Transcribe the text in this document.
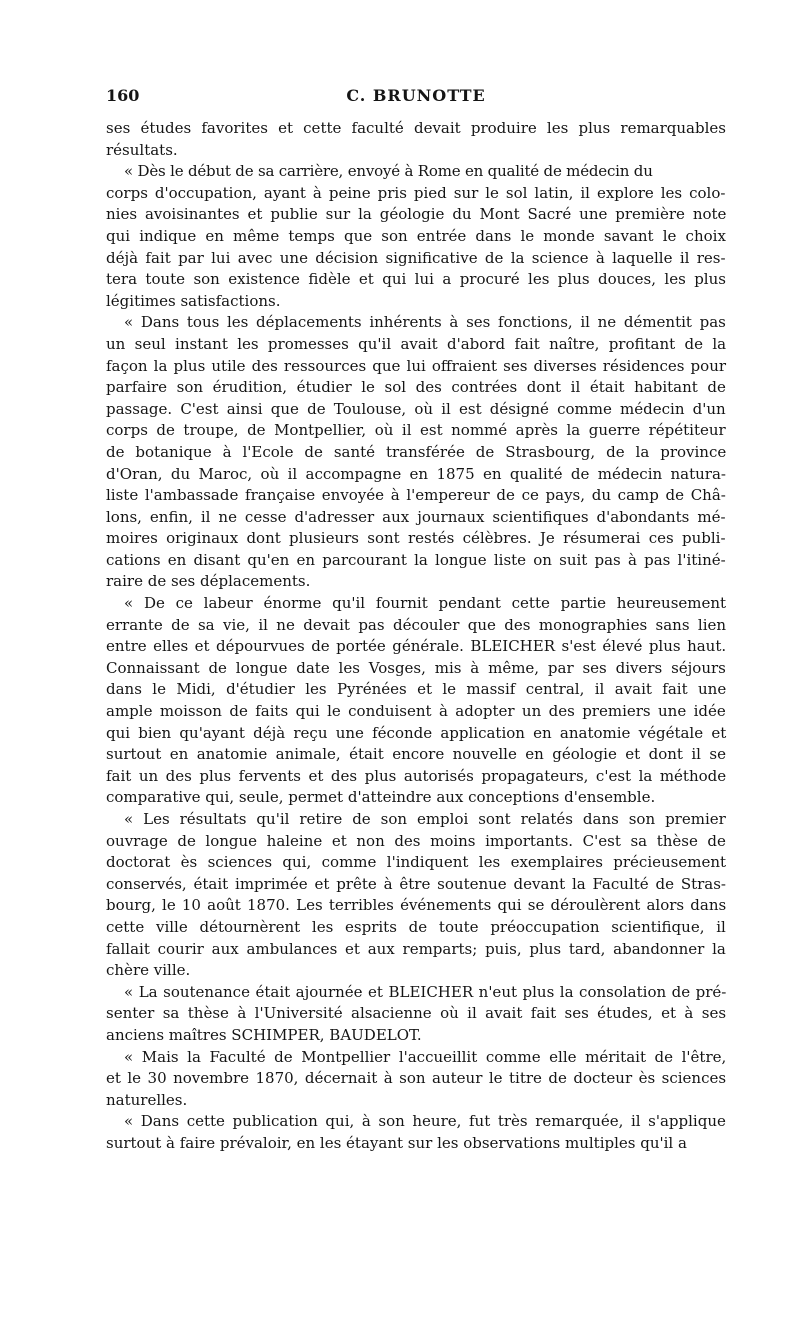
160	C. BRUNOTTE

ses études favorites et cette faculté devait produire les plus remarquables
résultats.

« Dès le début de sa carrière, envoyé à Rome en qualité de médecin du
corps d'occupation, ayant à peine pris pied sur le sol latin, il explore les colo-
nies avoisinantes et publie sur la géologie du Mont Sacré une première note
qui indique en même temps que son entrée dans le monde savant le choix
déjà fait par lui avec une décision significative de la science à laquelle il res-
tera toute son existence fidèle et qui lui a procuré les plus douces, les plus
légitimes satisfactions.

« Dans tous les déplacements inhérents à ses fonctions, il ne démentit pas
un seul instant les promesses qu'il avait d'abord fait naître, profitant de la
façon la plus utile des ressources que lui offraient ses diverses résidences pour
parfaire son érudition, étudier le sol des contrées dont il était habitant de
passage. C'est ainsi que de Toulouse, où il est désigné comme médecin d'un
corps de troupe, de Montpellier, où il est nommé après la guerre répétiteur
de botanique à l'Ecole de santé transférée de Strasbourg, de la province
d'Oran, du Maroc, où il accompagne en 1875 en qualité de médecin natura-
liste l'ambassade française envoyée à l'empereur de ce pays, du camp de Châ-
lons, enfin, il ne cesse d'adresser aux journaux scientifiques d'abondants mé-
moires originaux dont plusieurs sont restés célèbres. Je résumerai ces publi-
cations en disant qu'en en parcourant la longue liste on suit pas à pas l'itiné-
raire de ses déplacements.

« De ce labeur énorme qu'il fournit pendant cette partie heureusement
errante de sa vie, il ne devait pas découler que des monographies sans lien
entre elles et dépourvues de portée générale. BLEICHER s'est élevé plus haut.
Connaissant de longue date les Vosges, mis à même, par ses divers séjours
dans le Midi, d'étudier les Pyrénées et le massif central, il avait fait une
ample moisson de faits qui le conduisent à adopter un des premiers une idée
qui bien qu'ayant déjà reçu une féconde application en anatomie végétale et
surtout en anatomie animale, était encore nouvelle en géologie et dont il se
fait un des plus fervents et des plus autorisés propagateurs, c'est la méthode
comparative qui, seule, permet d'atteindre aux conceptions d'ensemble.

« Les résultats qu'il retire de son emploi sont relatés dans son premier
ouvrage de longue haleine et non des moins importants. C'est sa thèse de
doctorat ès sciences qui, comme l'indiquent les exemplaires précieusement
conservés, était imprimée et prête à être soutenue devant la Faculté de Stras-
bourg, le 10 août 1870. Les terribles événements qui se déroulèrent alors dans
cette ville détournèrent les esprits de toute préoccupation scientifique, il
fallait courir aux ambulances et aux remparts; puis, plus tard, abandonner la
chère ville.

« La soutenance était ajournée et BLEICHER n'eut plus la consolation de pré-
senter sa thèse à l'Université alsacienne où il avait fait ses études, et à ses
anciens maîtres SCHIMPER, BAUDELOT.

« Mais la Faculté de Montpellier l'accueillit comme elle méritait de l'être,
et le 30 novembre 1870, décernait à son auteur le titre de docteur ès sciences
naturelles.

« Dans cette publication qui, à son heure, fut très remarquée, il s'applique
surtout à faire prévaloir, en les étayant sur les observations multiples qu'il a
